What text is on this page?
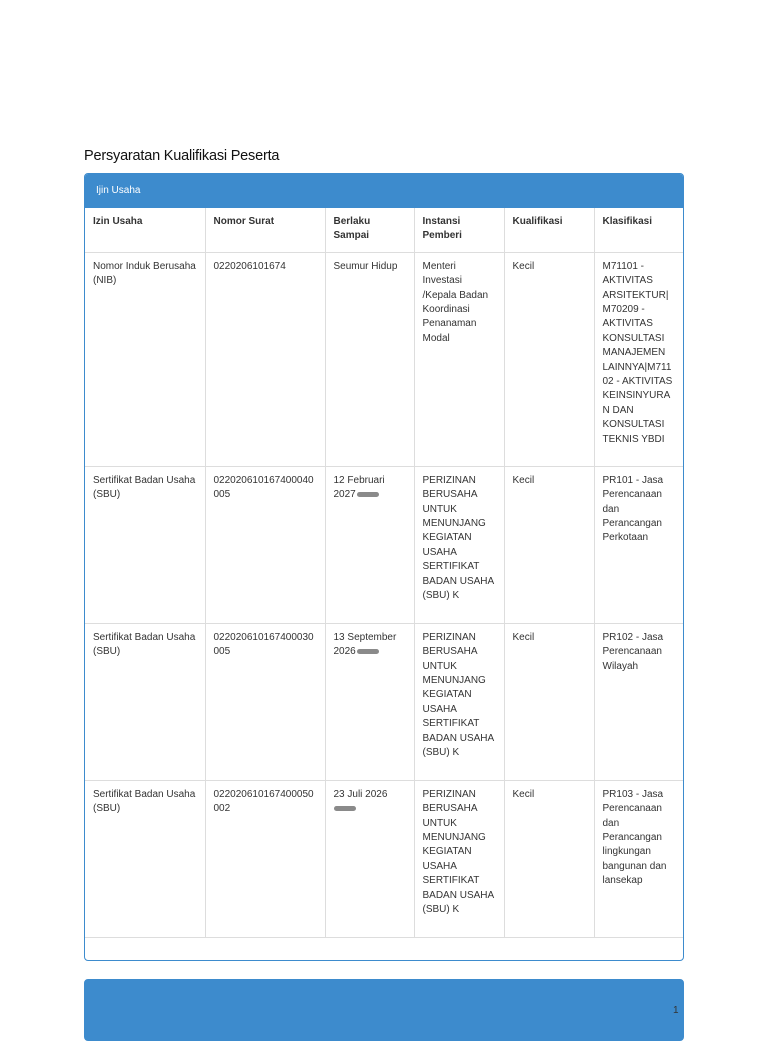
Persyaratan Kualifikasi Peserta
Ijin Usaha
Izin Usaha	Nomor Surat	Berlaku Sampai	Instansi Pemberi	Kualifikasi	Klasifikasi
Nomor Induk Berusaha (NIB)	0220206101674	Seumur Hidup	Menteri Investasi /Kepala Badan Koordinasi Penanaman Modal	Kecil	M71101 - AKTIVITAS ARSITEKTUR| M70209 - AKTIVITAS KONSULTASI MANAJEMEN LAINNYA|M71102 - AKTIVITAS KEINSINYURAN DAN KONSULTASI TEKNIS YBDI
Sertifikat Badan Usaha (SBU)	022020610167400040005	12 Februari 2027	PERIZINAN BERUSAHA UNTUK MENUNJANG KEGIATAN USAHA SERTIFIKAT BADAN USAHA (SBU) K	Kecil	PR101 - Jasa Perencanaan dan Perancangan Perkotaan
Sertifikat Badan Usaha (SBU)	022020610167400030005	13 September 2026	PERIZINAN BERUSAHA UNTUK MENUNJANG KEGIATAN USAHA SERTIFIKAT BADAN USAHA (SBU) K	Kecil	PR102 - Jasa Perencanaan Wilayah
Sertifikat Badan Usaha (SBU)	022020610167400050002	23 Juli 2026	PERIZINAN BERUSAHA UNTUK MENUNJANG KEGIATAN USAHA SERTIFIKAT BADAN USAHA (SBU) K	Kecil	PR103 - Jasa Perencanaan dan Perancangan lingkungan bangunan dan lansekap
1
